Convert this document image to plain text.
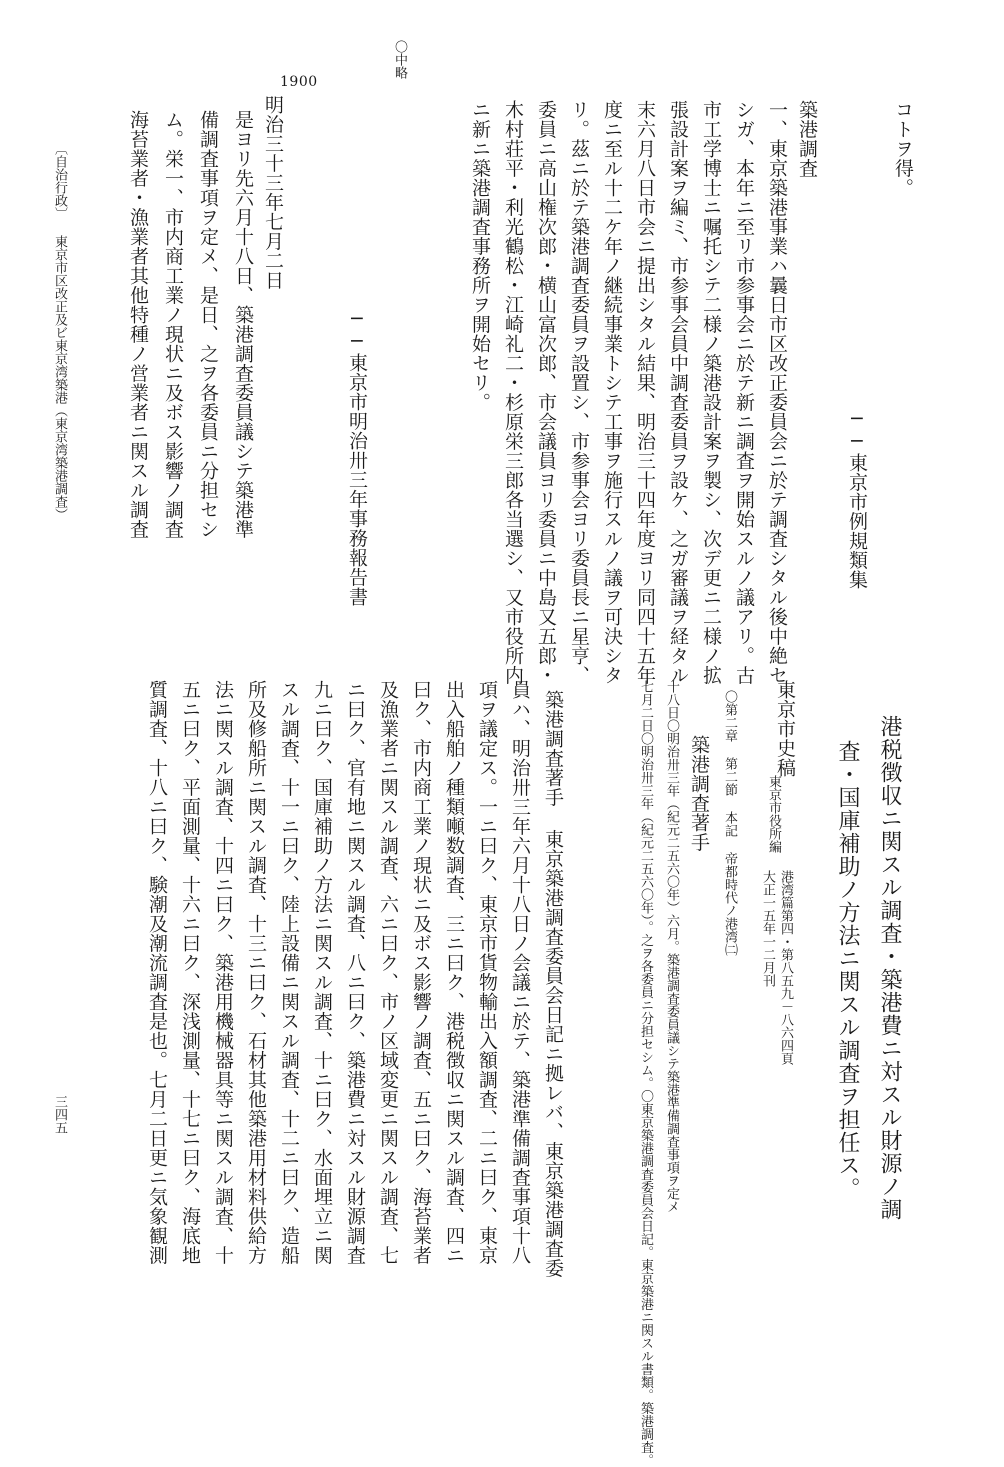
コトヲ得。
──東京市例規類集
築港調査
一、東京築港事業ハ曩日市区改正委員会ニ於テ調査シタル後中絶セ
シガ、本年ニ至リ市参事会ニ於テ新ニ調査ヲ開始スルノ議アリ。古
市工学博士ニ嘱托シテ二様ノ築港設計案ヲ製シ、次デ更ニ二様ノ拡
張設計案ヲ編ミ、市参事会員中調査委員ヲ設ケ、之ガ審議ヲ経タル
末六月八日市会ニ提出シタル結果、明治三十四年度ヨリ同四十五年
度ニ至ル十二ケ年ノ継続事業トシテ工事ヲ施行スルノ議ヲ可決シタ
リ。茲ニ於テ築港調査委員ヲ設置シ、市参事会ヨリ委員長ニ星亨、
委員ニ高山権次郎・横山富次郎、市会議員ヨリ委員ニ中島又五郎・
木村荘平・利光鶴松・江崎礼二・杉原栄三郎各当選シ、又市役所内
ニ新ニ築港調査事務所ヲ開始セリ。
──東京市明治卅三年事務報告書
〇中略
1900
明治三十三年七月二日
是ヨリ先六月十八日、築港調査委員議シテ築港準
備調査事項ヲ定メ、是日、之ヲ各委員ニ分担セシ
ム。栄一、市内商工業ノ現状ニ及ボス影響ノ調査
海苔業者・漁業者其他特種ノ営業者ニ関スル調査
〔自治行政〕
東京市区改正及ビ東京湾築港（東京湾築港調査）
港税徴収ニ関スル調査・築港費ニ対スル財源ノ調
査・国庫補助ノ方法ニ関スル調査ヲ担任ス。
東京市史稿
東京市役所編
港湾篇第四・第八五九－八六四頁
大正一五年一二月刊
〇第二章 第二節 本記 帝都時代ノ港湾㈡
築港調査著手
十八日〇明治卅三年（紀元二五六〇年）六月。築港調査委員議シテ築港準備調査事項ヲ定メ
七月二日〇明治卅三年（紀元二五六〇年）。之ヲ各委員ニ分担セシム。〇東京築港調査委員会日記。東京築港ニ関スル書類。築港調査。
築港調査著手 東京築港調査委員会日記ニ拠レバ、東京築港調査委
員ハ、明治卅三年六月十八日ノ会議ニ於テ、築港準備調査事項十八
項ヲ議定ス。一ニ曰ク、東京市貨物輸出入額調査、二ニ曰ク、東京
出入船舶ノ種類噸数調査、三ニ曰ク、港税徴収ニ関スル調査、四ニ
曰ク、市内商工業ノ現状ニ及ボス影響ノ調査、五ニ曰ク、海苔業者
及漁業者ニ関スル調査、六ニ曰ク、市ノ区域変更ニ関スル調査、七
ニ曰ク、官有地ニ関スル調査、八ニ曰ク、築港費ニ対スル財源調査
九ニ曰ク、国庫補助ノ方法ニ関スル調査、十ニ曰ク、水面埋立ニ関
スル調査、十一ニ曰ク、陸上設備ニ関スル調査、十二ニ曰ク、造船
所及修船所ニ関スル調査、十三ニ曰ク、石材其他築港用材料供給方
法ニ関スル調査、十四ニ曰ク、築港用機械器具等ニ関スル調査、十
五ニ曰ク、平面測量、十六ニ曰ク、深浅測量、十七ニ曰ク、海底地
質調査、十八ニ曰ク、験潮及潮流調査是也。七月二日更ニ気象観測
三四五
